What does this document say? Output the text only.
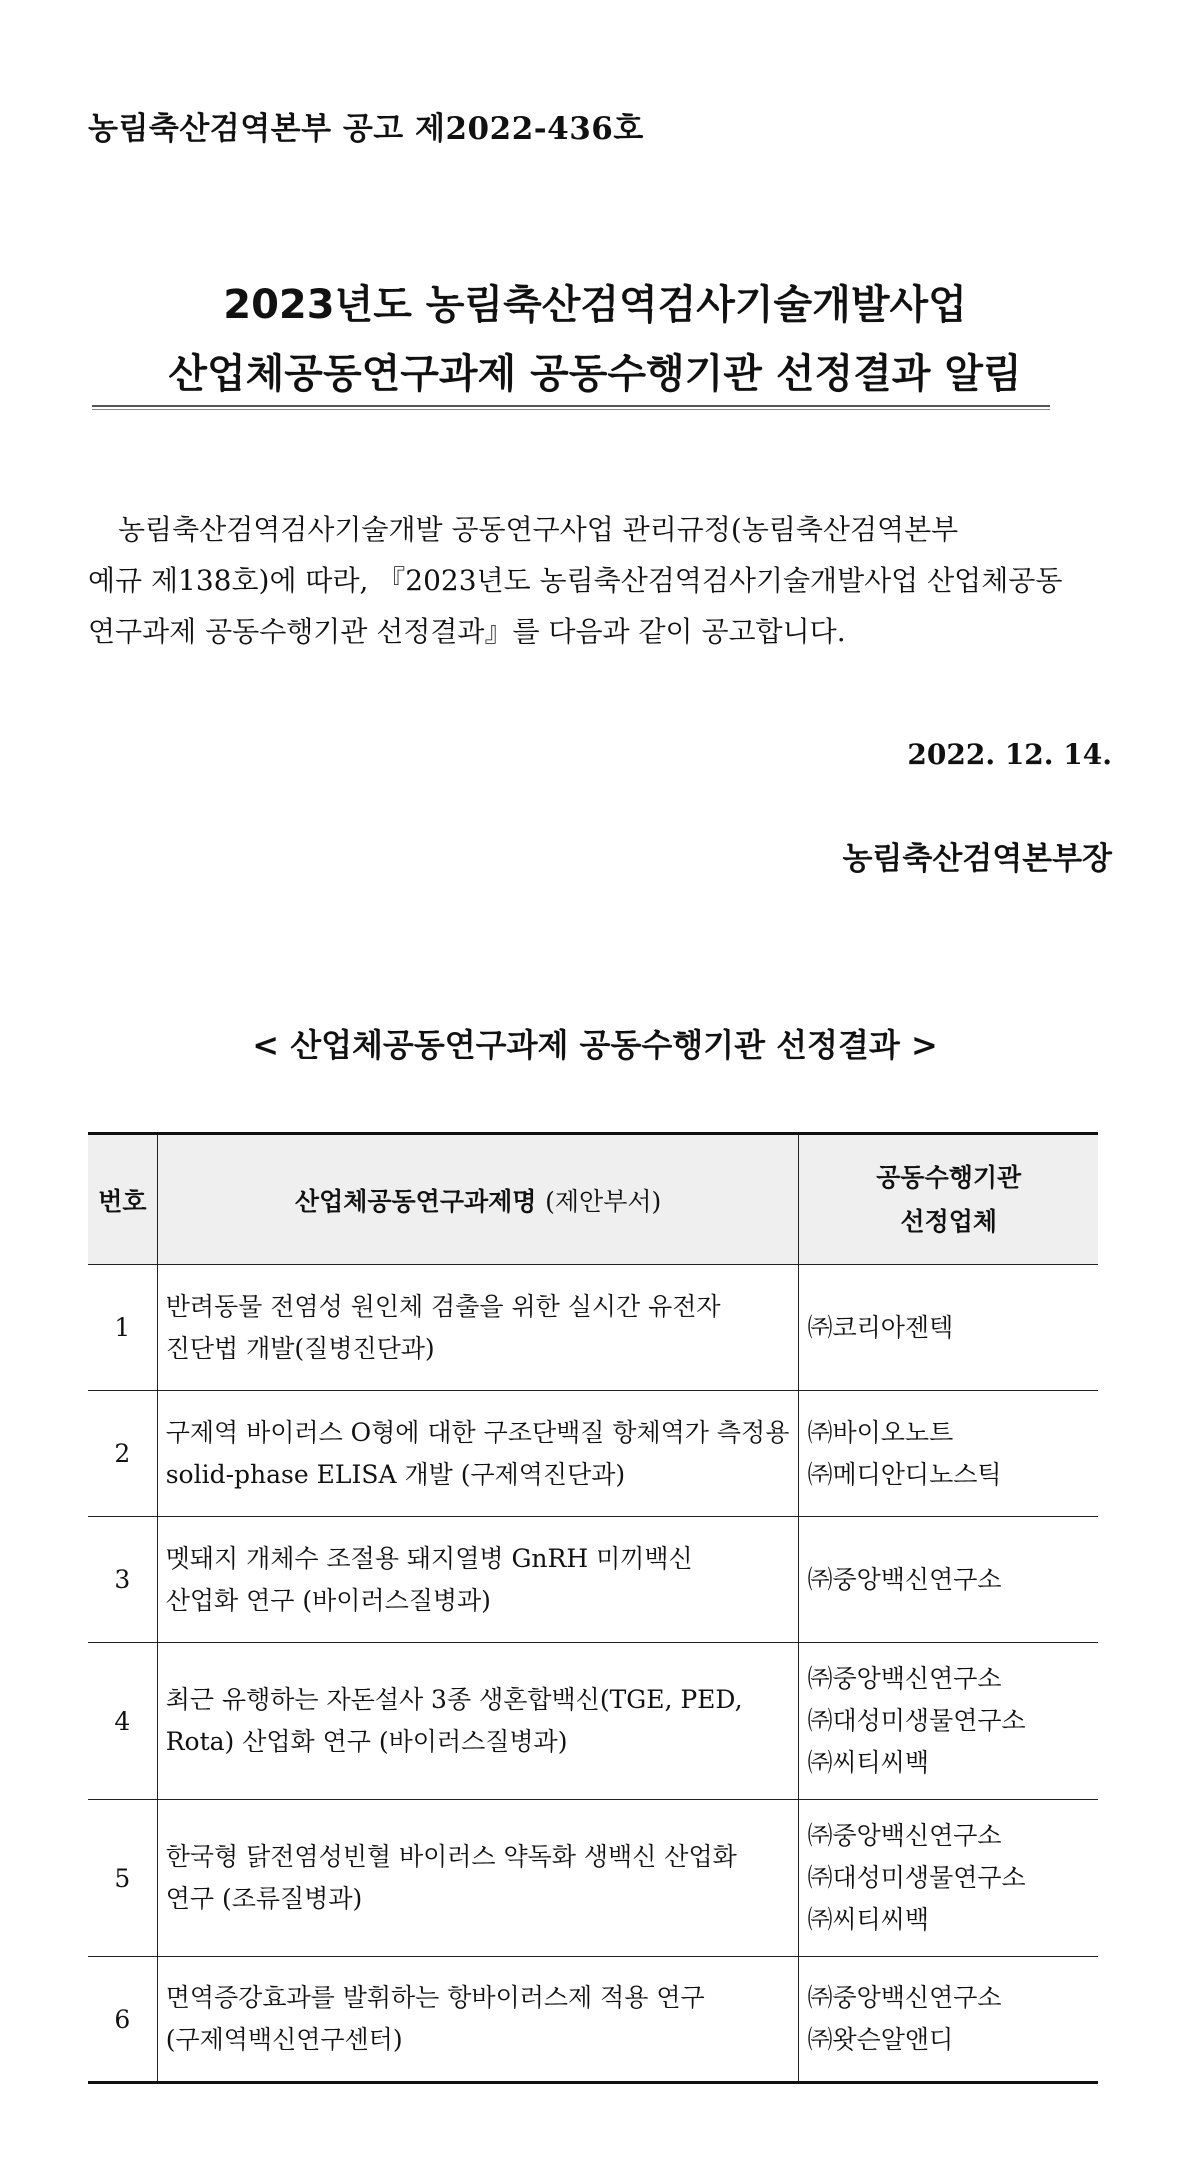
농림축산검역본부 공고 제2022-436호
2023년도 농림축산검역검사기술개발사업
산업체공동연구과제 공동수행기관 선정결과 알림

농림축산검역검사기술개발 공동연구사업 관리규정(농림축산검역본부

예규 제138호)에 따라, 『2023년도 농림축산검역검사기술개발사업 산업체공동

연구과제 공동수행기관 선정결과』를 다음과 같이 공고합니다.

2022. 12. 14.
농림축산검역본부장
< 산업체공동연구과제 공동수행기관 선정결과 >
번호	산업체공동연구과제명 (제안부서)	공동수행기관
선정업체

1	반려동물 전염성 원인체 검출을 위한 실시간 유전자
진단법 개발(질병진단과)	㈜코리아젠텍

2	구제역 바이러스 O형에 대한 구조단백질 항체역가 측정용
solid-phase ELISA 개발 (구제역진단과)	㈜바이오노트
㈜메디안디노스틱

3	멧돼지 개체수 조절용 돼지열병 GnRH 미끼백신
산업화 연구 (바이러스질병과)	㈜중앙백신연구소

4	최근 유행하는 자돈설사 3종 생혼합백신(TGE, PED,
Rota) 산업화 연구 (바이러스질병과)	㈜중앙백신연구소
㈜대성미생물연구소
㈜씨티씨백

5	한국형 닭전염성빈혈 바이러스 약독화 생백신 산업화
연구 (조류질병과)	㈜중앙백신연구소
㈜대성미생물연구소
㈜씨티씨백

6	면역증강효과를 발휘하는 항바이러스제 적용 연구
(구제역백신연구센터)	㈜중앙백신연구소
㈜왓슨알앤디
